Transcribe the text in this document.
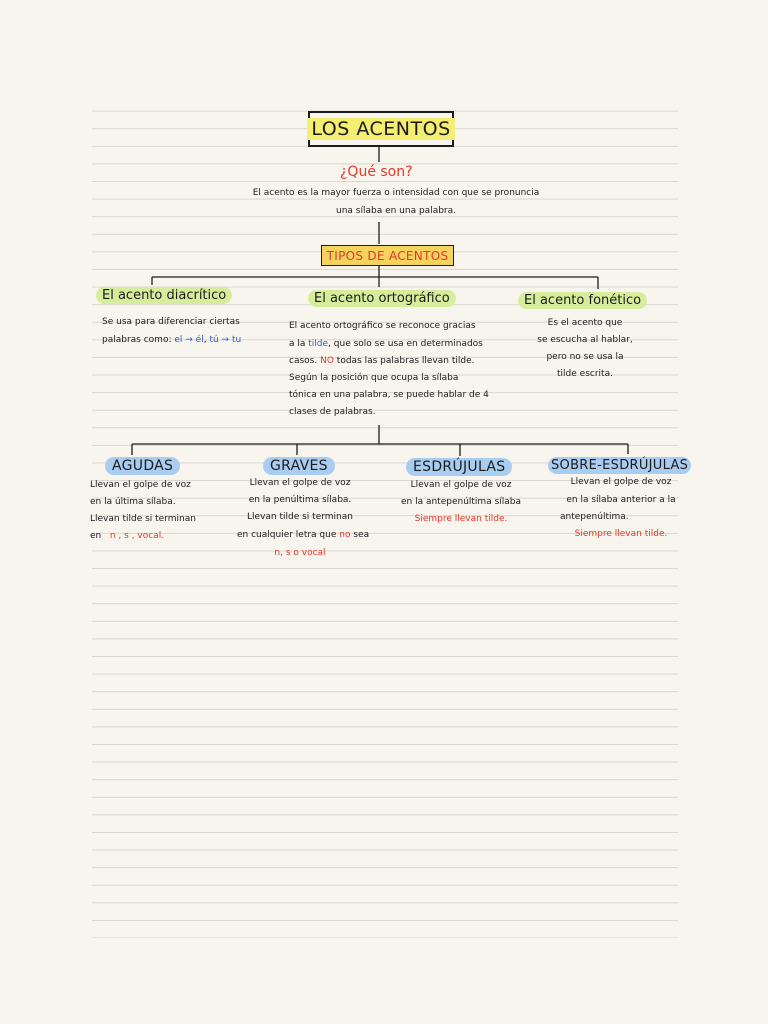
LOS ACENTOS
¿Qué son?
El acento es la mayor fuerza o intensidad con que se pronuncia
una sílaba en una palabra.
TIPOS DE ACENTOS
El acento diacrítico
Se usa para diferenciar ciertas
palabras como: el → él, tú → tu
El acento ortográfico
El acento ortográfico se reconoce gracias
a la tilde, que solo se usa en determinados
casos. NO todas las palabras llevan tilde.
Según la posición que ocupa la sílaba
tónica en una palabra, se puede hablar de 4
clases de palabras.
El acento fonético
Es el acento que
se escucha al hablar,
pero no se usa la
tilde escrita.
AGUDAS
Llevan el golpe de voz
en la última sílaba.
Llevan tilde si terminan
en n , s , vocal.
GRAVES
Llevan el golpe de voz
en la penúltima sílaba.
Llevan tilde si terminan
en cualquier letra que no sea
n, s o vocal
ESDRÚJULAS
Llevan el golpe de voz
en la antepenúltima sílaba
Siempre llevan tilde.
SOBRE-ESDRÚJULAS
Llevan el golpe de voz
en la sílaba anterior a la
antepenúltima.
Siempre llevan tilde.
